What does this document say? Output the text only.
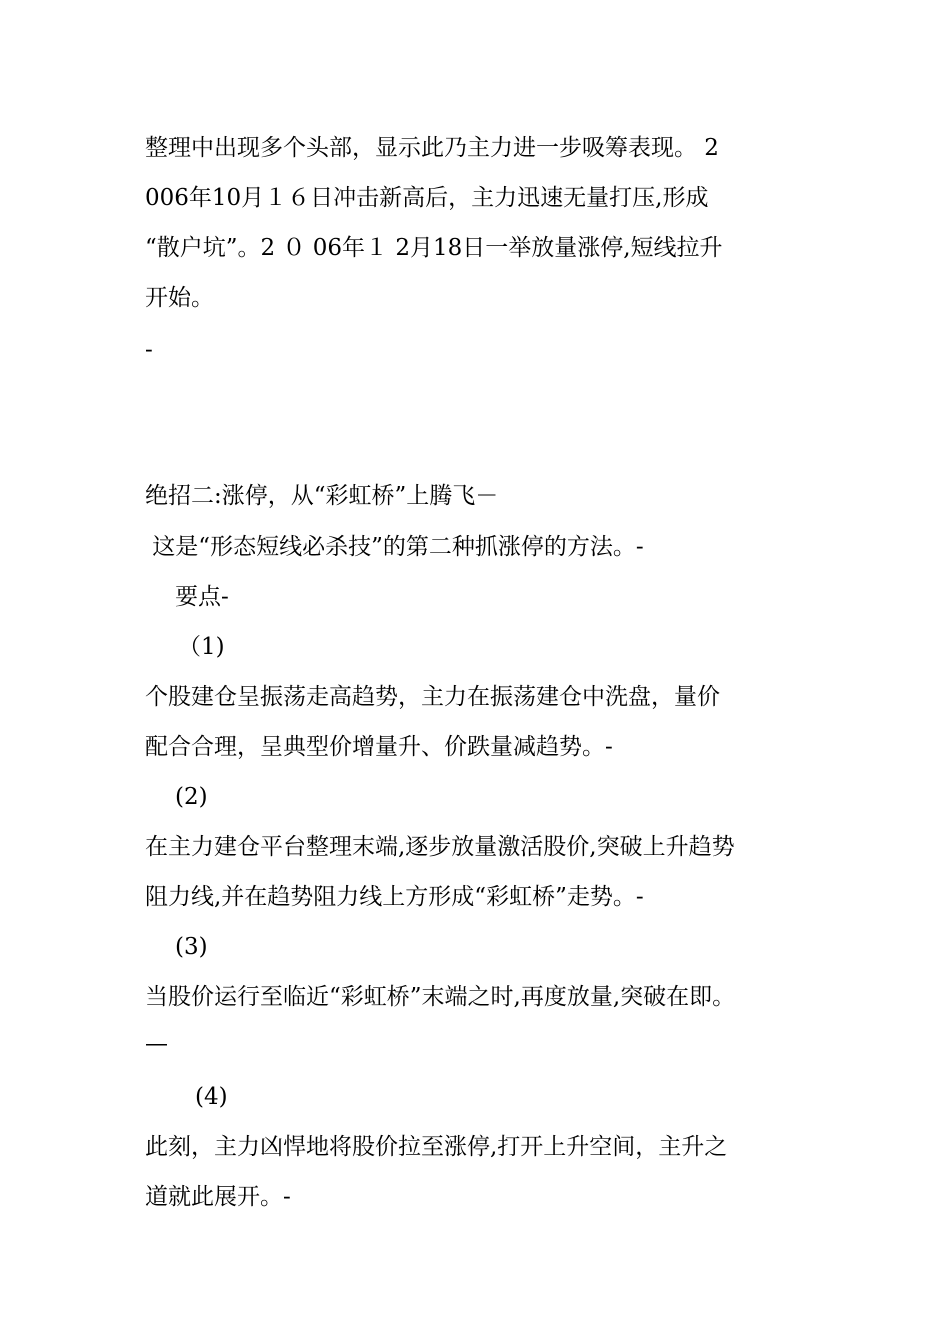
整理中出现多个头部，显示此乃主力进一步吸筹表现。 2
006年10月１６日冲击新高后，主力迅速无量打压,形成
“散户坑”。2 ０ 06年１ 2月18日一举放量涨停,短线拉升
开始。
-
绝招二:涨停，从“彩虹桥”上腾飞－
这是“形态短线必杀技”的第二种抓涨停的方法。-
要点-
（1)
个股建仓呈振荡走高趋势，主力在振荡建仓中洗盘，量价
配合合理，呈典型价增量升、价跌量减趋势。-
(2)
在主力建仓平台整理末端,逐步放量激活股价,突破上升趋势
阻力线,并在趋势阻力线上方形成“彩虹桥”走势。-
(3)
当股价运行至临近“彩虹桥”末端之时,再度放量,突破在即。
—
(4)
此刻，主力凶悍地将股价拉至涨停,打开上升空间，主升之
道就此展开。-
